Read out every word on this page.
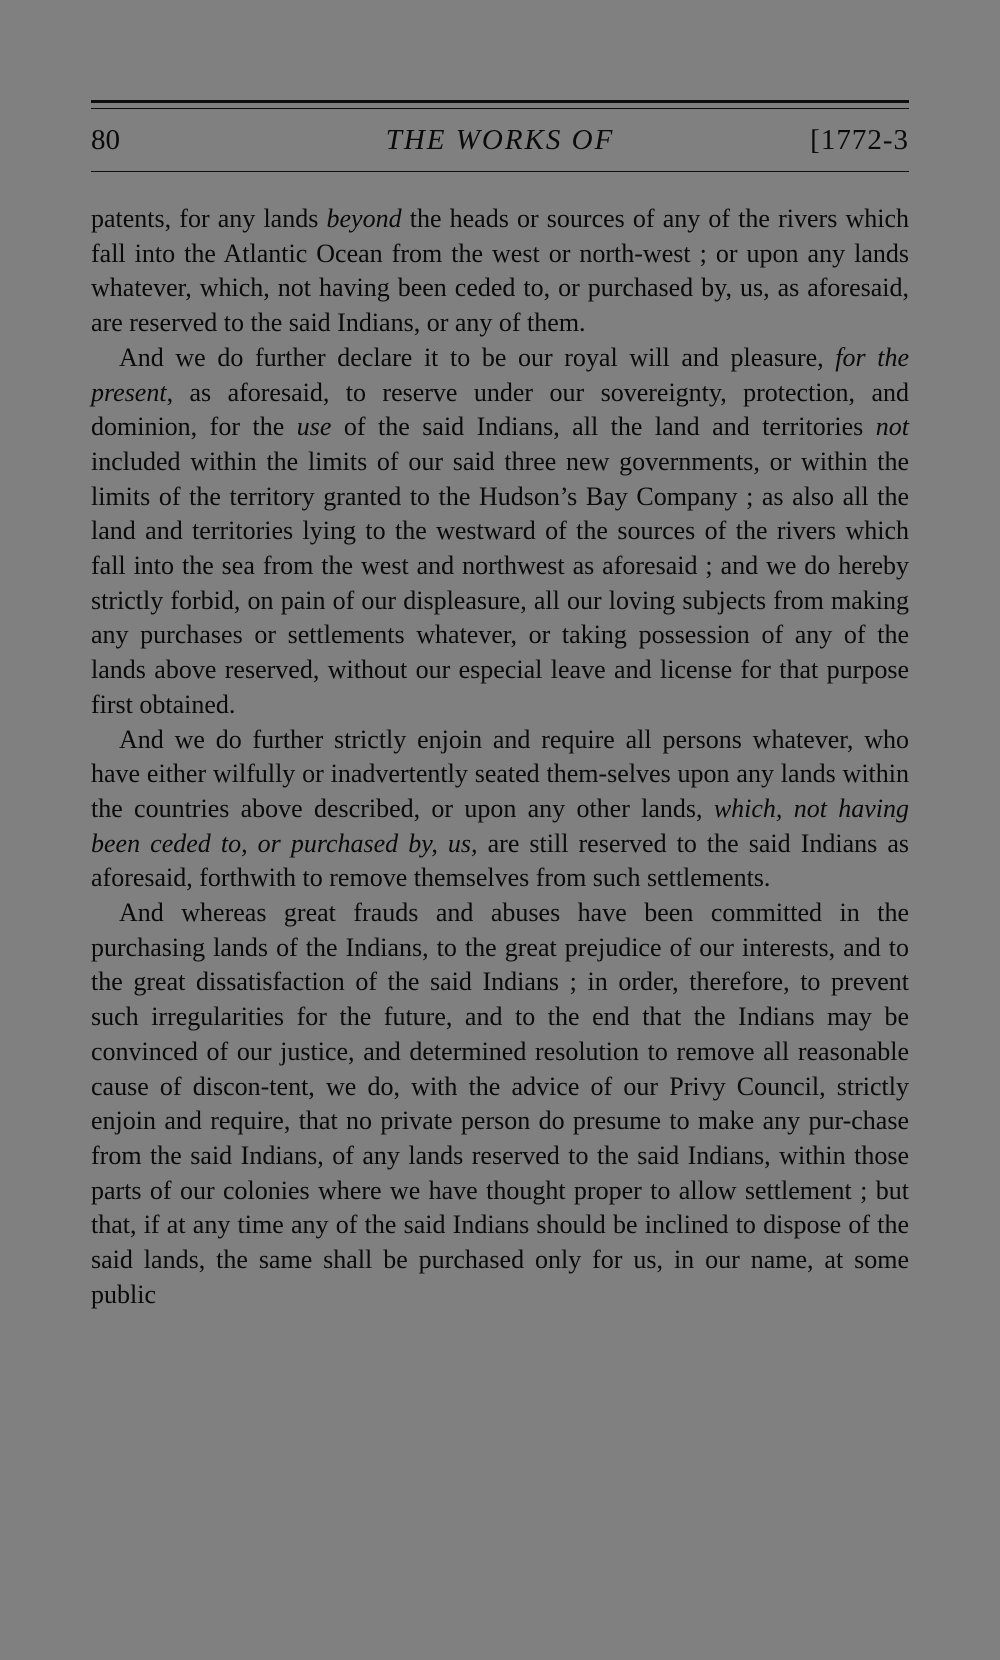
80	THE WORKS OF	[1772-3

patents, for any lands beyond the heads or sources of any of the rivers which fall into the Atlantic Ocean from the west or north-west ; or upon any lands whatever, which, not having been ceded to, or purchased by, us, as aforesaid, are reserved to the said Indians, or any of them.

And we do further declare it to be our royal will and pleasure, for the present, as aforesaid, to reserve under our sovereignty, protection, and dominion, for the use of the said Indians, all the land and territories not included within the limits of our said three new governments, or within the limits of the territory granted to the Hudson’s Bay Company ; as also all the land and territories lying to the westward of the sources of the rivers which fall into the sea from the west and northwest as aforesaid ; and we do hereby strictly forbid, on pain of our displeasure, all our loving subjects from making any purchases or settlements whatever, or taking possession of any of the lands above reserved, without our especial leave and license for that purpose first obtained.

And we do further strictly enjoin and require all persons whatever, who have either wilfully or inadvertently seated them-selves upon any lands within the countries above described, or upon any other lands, which, not having been ceded to, or purchased by, us, are still reserved to the said Indians as aforesaid, forthwith to remove themselves from such settlements.

And whereas great frauds and abuses have been committed in the purchasing lands of the Indians, to the great prejudice of our interests, and to the great dissatisfaction of the said Indians ; in order, therefore, to prevent such irregularities for the future, and to the end that the Indians may be convinced of our justice, and determined resolution to remove all reasonable cause of discon-tent, we do, with the advice of our Privy Council, strictly enjoin and require, that no private person do presume to make any pur-chase from the said Indians, of any lands reserved to the said Indians, within those parts of our colonies where we have thought proper to allow settlement ; but that, if at any time any of the said Indians should be inclined to dispose of the said lands, the same shall be purchased only for us, in our name, at some public
